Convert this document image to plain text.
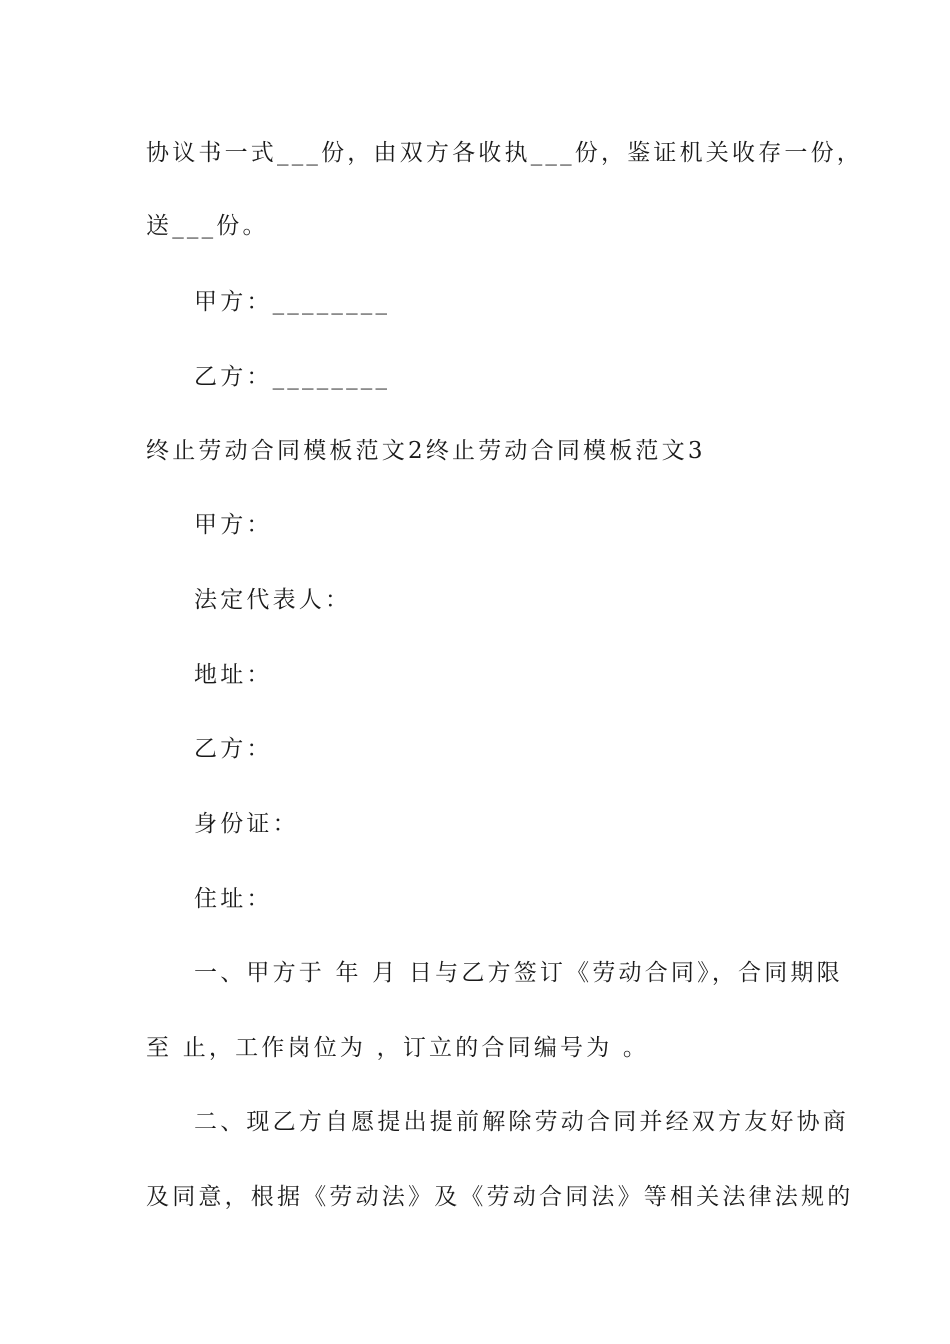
协议书一式___份，由双方各收执___份，鉴证机关收存一份，
送___份。
甲方：________
乙方：________
终止劳动合同模板范文2终止劳动合同模板范文3
甲方：
法定代表人：
地址：
乙方：
身份证：
住址：
一、甲方于 年 月 日与乙方签订《劳动合同》，合同期限
至 止，工作岗位为 ，订立的合同编号为 。
二、现乙方自愿提出提前解除劳动合同并经双方友好协商
及同意，根据《劳动法》及《劳动合同法》等相关法律法规的
